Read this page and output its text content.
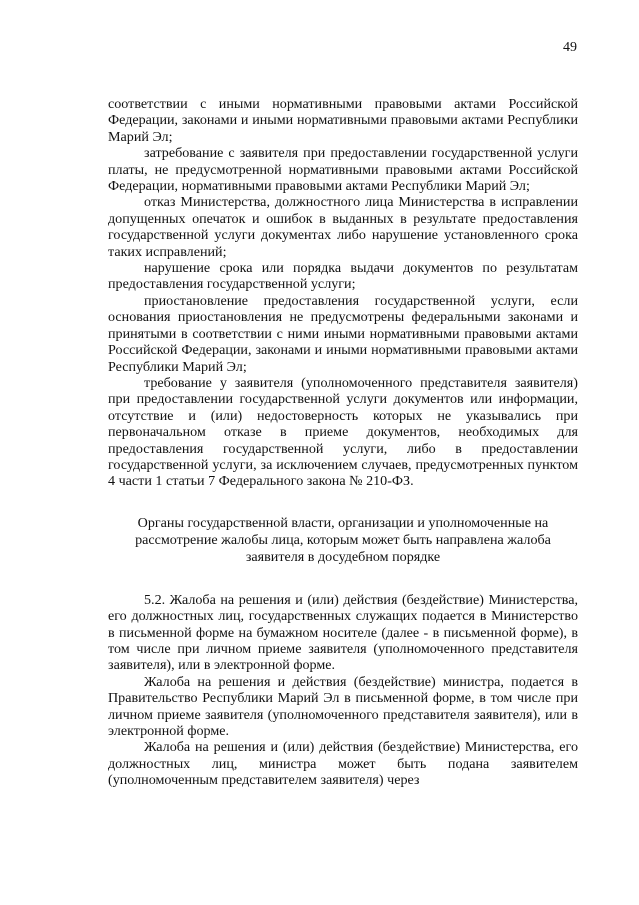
49

соответствии с иными нормативными правовыми актами Российской Федерации, законами и иными нормативными правовыми актами Республики Марий Эл;

затребование с заявителя при предоставлении государственной услуги платы, не предусмотренной нормативными правовыми актами Российской Федерации, нормативными правовыми актами Республики Марий Эл;

отказ Министерства, должностного лица Министерства в исправлении допущенных опечаток и ошибок в выданных в результате предоставления государственной услуги документах либо нарушение установленного срока таких исправлений;

нарушение срока или порядка выдачи документов по результатам предоставления государственной услуги;

приостановление предоставления государственной услуги, если основания приостановления не предусмотрены федеральными законами и принятыми в соответствии с ними иными нормативными правовыми актами Российской Федерации, законами и иными нормативными правовыми актами Республики Марий Эл;

требование у заявителя (уполномоченного представителя заявителя) при предоставлении государственной услуги документов или информации, отсутствие и (или) недостоверность которых не указывались при первоначальном отказе в приеме документов, необходимых для предоставления государственной услуги, либо в предоставлении государственной услуги, за исключением случаев, предусмотренных пунктом 4 части 1 статьи 7 Федерального закона № 210-ФЗ.

Органы государственной власти, организации и уполномоченные на рассмотрение жалобы лица, которым может быть направлена жалоба заявителя в досудебном порядке

5.2. Жалоба на решения и (или) действия (бездействие) Министерства, его должностных лиц, государственных служащих подается в Министерство в письменной форме на бумажном носителе (далее - в письменной форме), в том числе при личном приеме заявителя (уполномоченного представителя заявителя), или в электронной форме.

Жалоба на решения и действия (бездействие) министра, подается в Правительство Республики Марий Эл в письменной форме, в том числе при личном приеме заявителя (уполномоченного представителя заявителя), или в электронной форме.

Жалоба на решения и (или) действия (бездействие) Министерства, его должностных лиц, министра может быть подана заявителем (уполномоченным представителем заявителя) через
